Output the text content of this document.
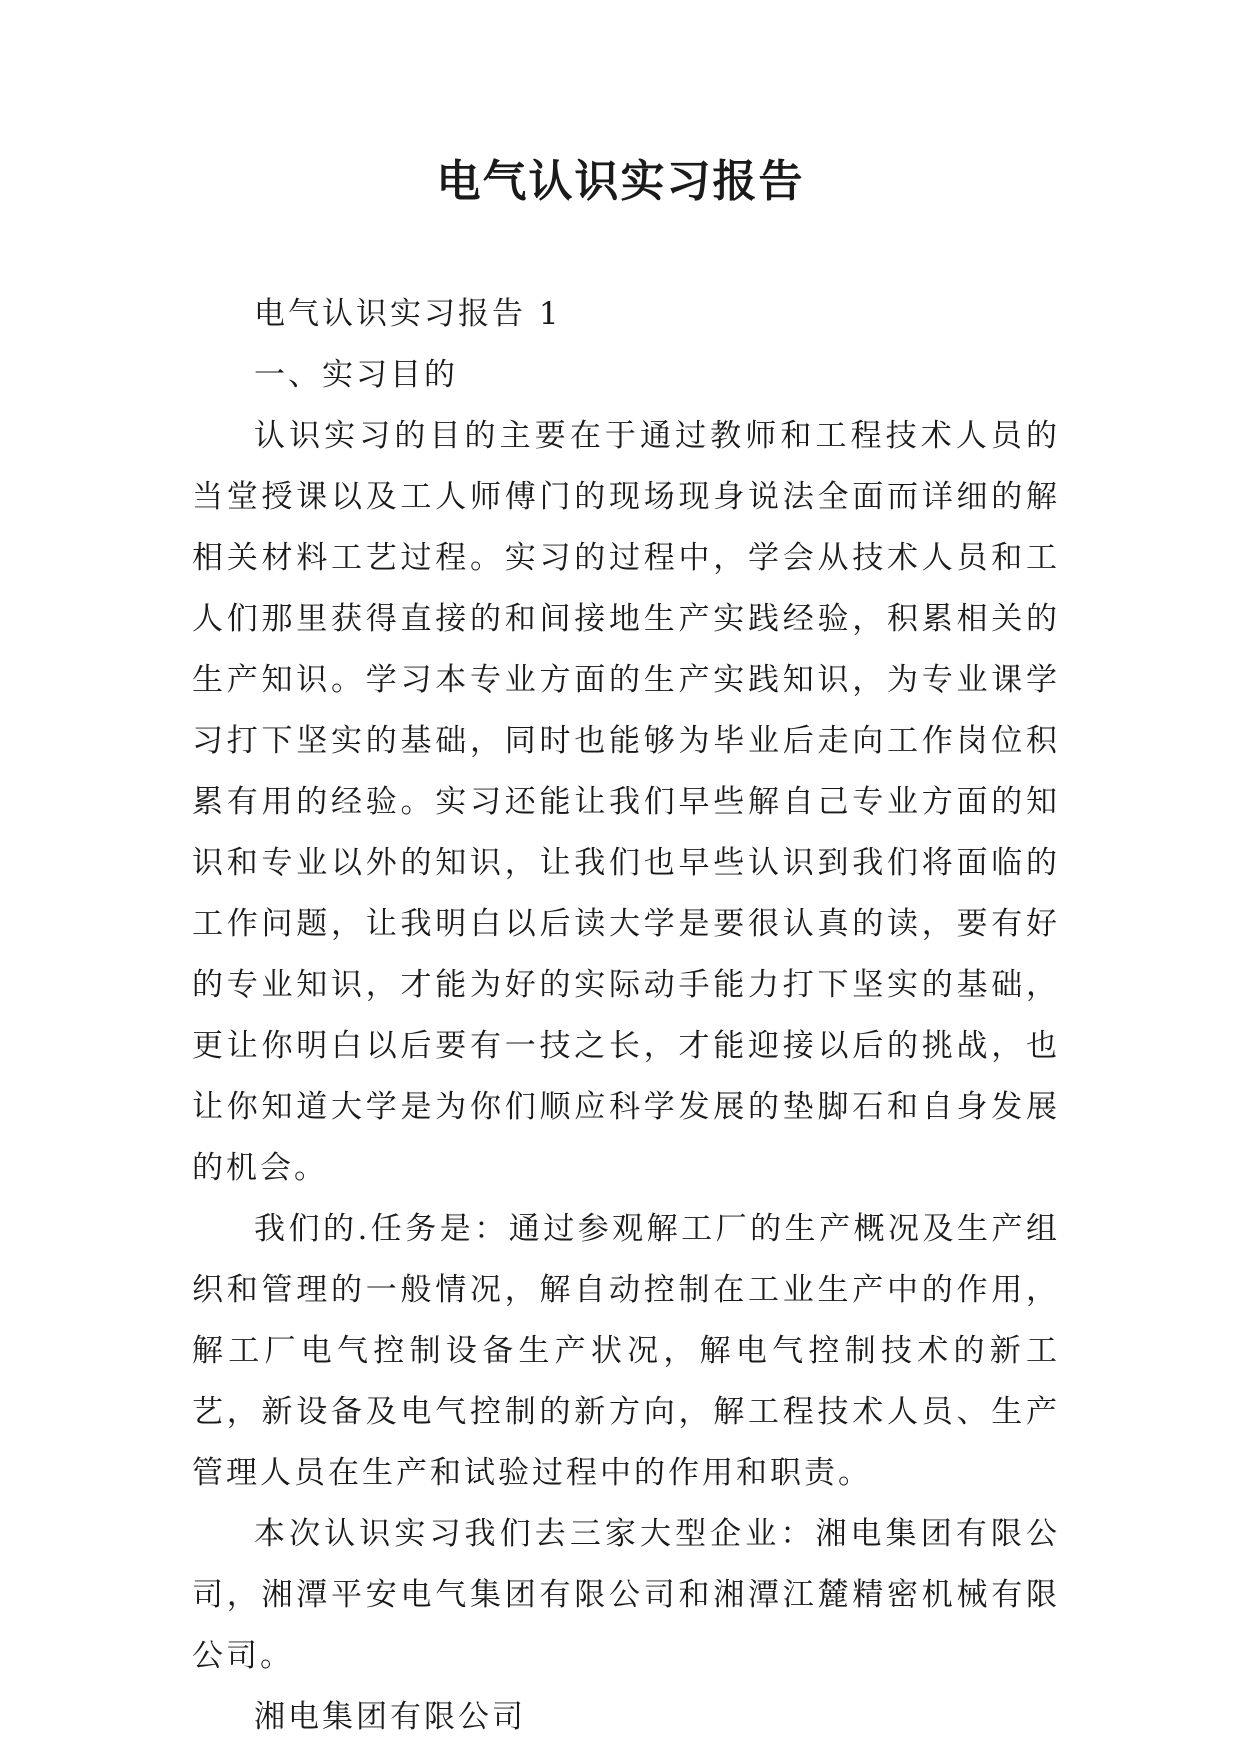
电气认识实习报告

电气认识实习报告 1

一、实习目的

认识实习的目的主要在于通过教师和工程技术人员的当堂授课以及工人师傅门的现场现身说法全面而详细的解相关材料工艺过程。实习的过程中，学会从技术人员和工人们那里获得直接的和间接地生产实践经验，积累相关的生产知识。学习本专业方面的生产实践知识，为专业课学习打下坚实的基础，同时也能够为毕业后走向工作岗位积累有用的经验。实习还能让我们早些解自己专业方面的知识和专业以外的知识，让我们也早些认识到我们将面临的工作问题，让我明白以后读大学是要很认真的读，要有好的专业知识，才能为好的实际动手能力打下坚实的基础，更让你明白以后要有一技之长，才能迎接以后的挑战，也让你知道大学是为你们顺应科学发展的垫脚石和自身发展的机会。

我们的.任务是：通过参观解工厂的生产概况及生产组织和管理的一般情况，解自动控制在工业生产中的作用，解工厂电气控制设备生产状况，解电气控制技术的新工艺，新设备及电气控制的新方向，解工程技术人员、生产管理人员在生产和试验过程中的作用和职责。

本次认识实习我们去三家大型企业：湘电集团有限公司，湘潭平安电气集团有限公司和湘潭江麓精密机械有限公司。

湘电集团有限公司
